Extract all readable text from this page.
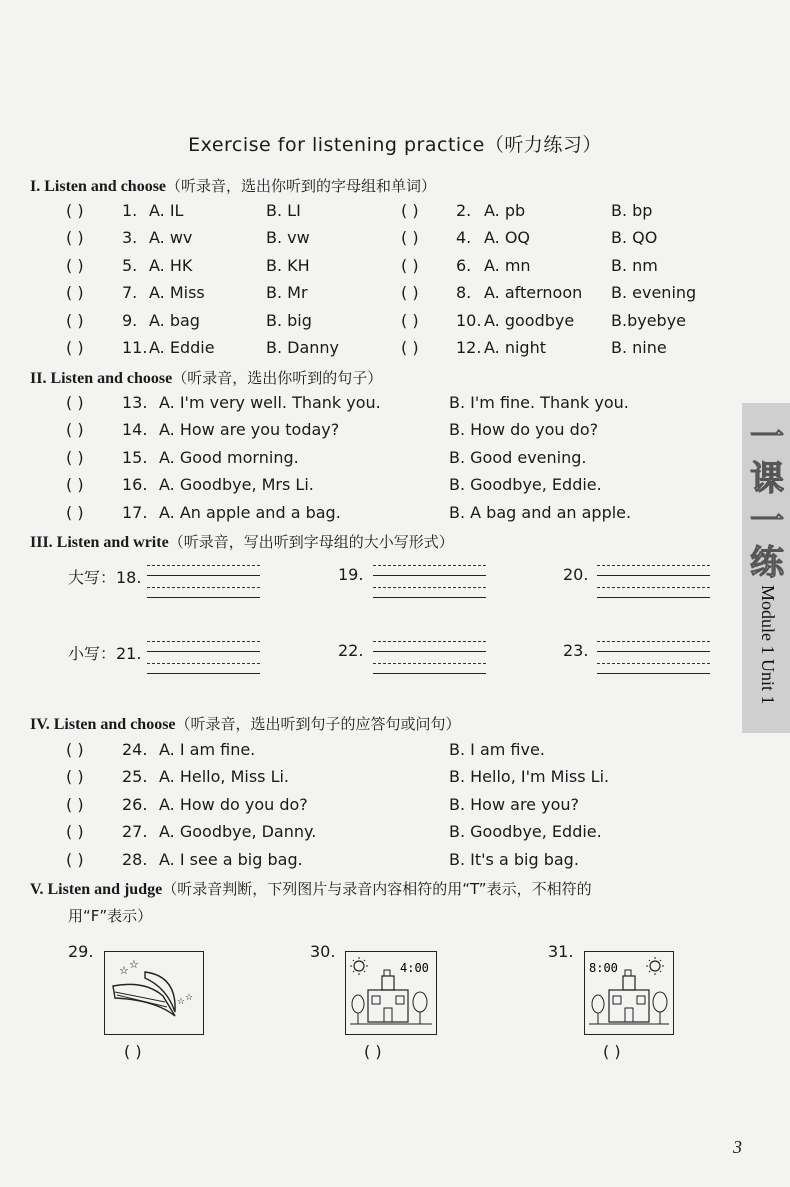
Exercise for listening practice（听力练习）
I. Listen and choose（听录音，选出你听到的字母组和单词）
( ) 1. A. IL	B. LI	( ) 2. A. pb	B. bp
( ) 3. A. wv	B. vw	( ) 4. A. OQ	B. QO
( ) 5. A. HK	B. KH	( ) 6. A. mn	B. nm
( ) 7. A. Miss	B. Mr	( ) 8. A. afternoon B. evening
( ) 9. A. bag	B. big	( ) 10. A. goodbye B.byebye
( ) 11. A. Eddie	B. Danny	( ) 12. A. night	B. nine
II. Listen and choose（听录音，选出你听到的句子）
( ) 13. A. I'm very well. Thank you.	B. I'm fine. Thank you.
( ) 14. A. How are you today?	B. How do you do?
( ) 15. A. Good morning.	B. Good evening.
( ) 16. A. Goodbye, Mrs Li.	B. Goodbye, Eddie.
( ) 17. A. An apple and a bag.	B. A bag and an apple.
III. Listen and write（听录音，写出听到字母组的大小写形式）
大写：18.	19.	20.
小写：21.	22.	23.
IV. Listen and choose（听录音，选出听到句子的应答句或问句）
( ) 24. A. I am fine.	B. I am five.
( ) 25. A. Hello, Miss Li.	B. Hello, I'm Miss Li.
( ) 26. A. How do you do?	B. How are you?
( ) 27. A. Goodbye, Danny.	B. Goodbye, Eddie.
( ) 28. A. I see a big bag.	B. It's a big bag.
V. Listen and judge（听录音判断，下列图片与录音内容相符的用“T”表示，不相符的
用“F”表示）
29.
☆ ☆
☆ ☆
( )
30.
4:00
( )
31.
8:00
( )
一
课
一
练
Module 1 Unit 1
3
